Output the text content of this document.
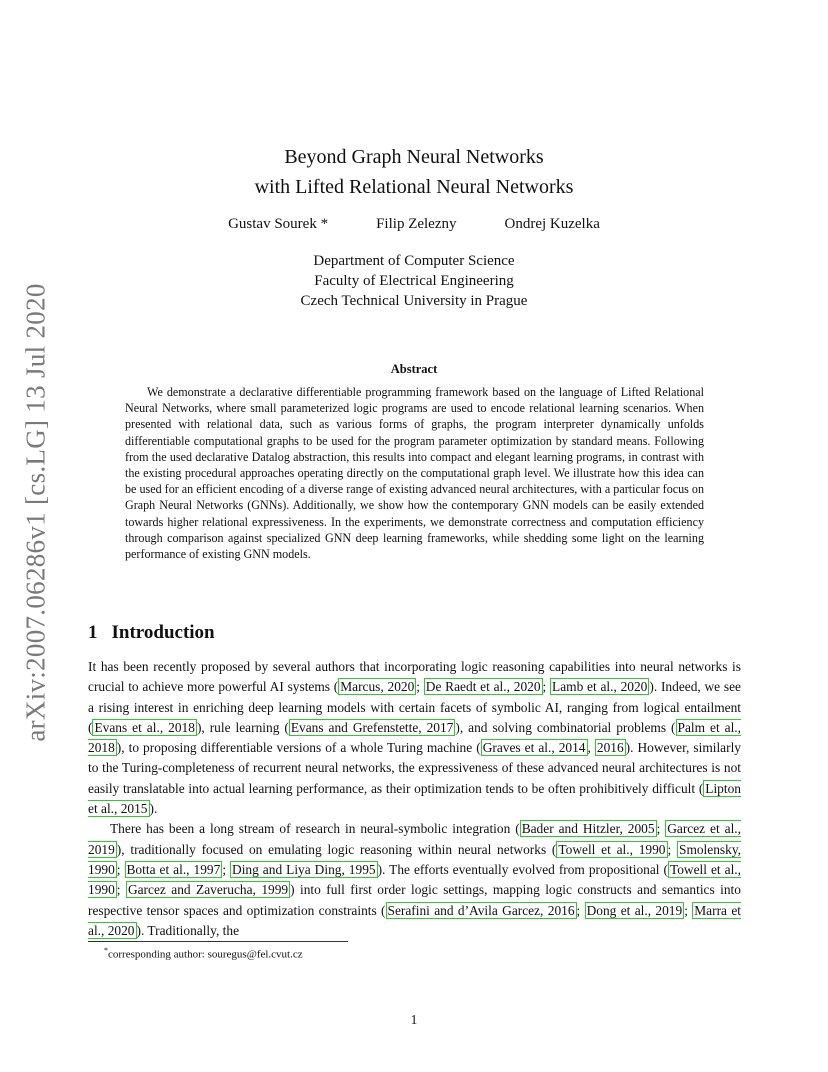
arXiv:2007.06286v1 [cs.LG] 13 Jul 2020
Beyond Graph Neural Networks
with Lifted Relational Neural Networks
Gustav Sourek *	Filip Zelezny	Ondrej Kuzelka
Department of Computer Science
Faculty of Electrical Engineering
Czech Technical University in Prague
Abstract

We demonstrate a declarative differentiable programming framework based on the language of Lifted Relational Neural Networks, where small parameterized logic programs are used to encode relational learning scenarios. When presented with relational data, such as various forms of graphs, the program interpreter dynamically unfolds differentiable computational graphs to be used for the program parameter optimization by standard means. Following from the used declarative Datalog abstraction, this results into compact and elegant learning programs, in contrast with the existing procedural approaches operating directly on the computational graph level. We illustrate how this idea can be used for an efficient encoding of a diverse range of existing advanced neural architectures, with a particular focus on Graph Neural Networks (GNNs). Additionally, we show how the contemporary GNN models can be easily extended towards higher relational expressiveness. In the experiments, we demonstrate correctness and computation efficiency through comparison against specialized GNN deep learning frameworks, while shedding some light on the learning performance of existing GNN models.

1 Introduction

It has been recently proposed by several authors that incorporating logic reasoning capabilities into neural networks is crucial to achieve more powerful AI systems ( Marcus, 2020 ; De Raedt et al., 2020 ; Lamb et al., 2020 ). Indeed, we see a rising interest in enriching deep learning models with certain facets of symbolic AI, ranging from logical entailment ( Evans et al., 2018 ), rule learning ( Evans and Grefenstette, 2017 ), and solving combinatorial problems ( Palm et al., 2018 ), to proposing differentiable versions of a whole Turing machine ( Graves et al., 2014 , 2016 ). However, similarly to the Turing-completeness of recurrent neural networks, the expressiveness of these advanced neural architectures is not easily translatable into actual learning performance, as their optimization tends to be often prohibitively difficult ( Lipton et al., 2015 ).

There has been a long stream of research in neural-symbolic integration ( Bader and Hitzler, 2005 ; Garcez et al., 2019 ), traditionally focused on emulating logic reasoning within neural networks ( Towell et al., 1990 ; Smolensky, 1990 ; Botta et al., 1997 ; Ding and Liya Ding, 1995 ). The efforts eventually evolved from propositional ( Towell et al., 1990 ; Garcez and Zaverucha, 1999 ) into full first order logic settings, mapping logic constructs and semantics into respective tensor spaces and optimization constraints ( Serafini and d’Avila Garcez, 2016 ; Dong et al., 2019 ; Marra et al., 2020 ). Traditionally, the

*corresponding author: souregus@fel.cvut.cz
1
